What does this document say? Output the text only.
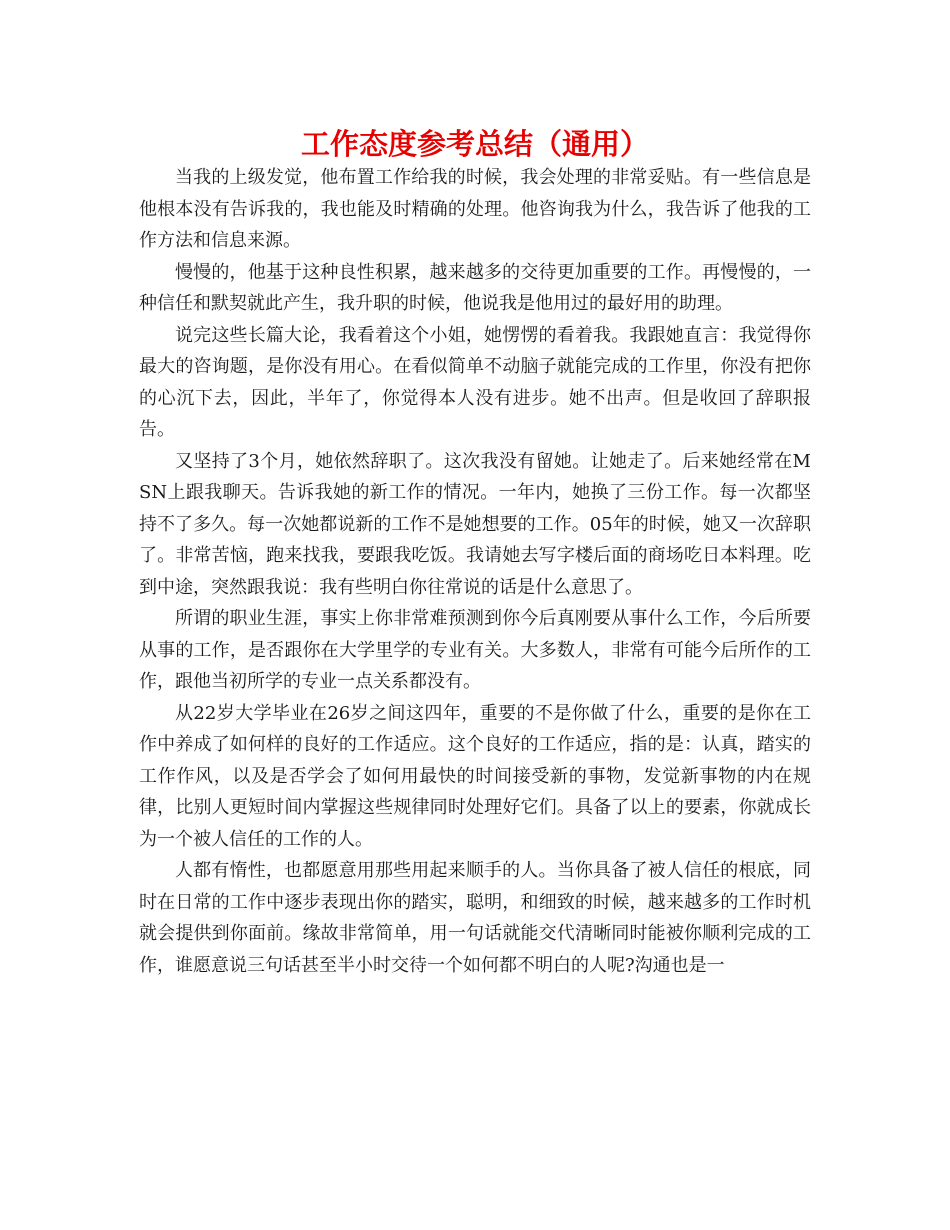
工作态度参考总结（通用）

当我的上级发觉，他布置工作给我的时候，我会处理的非常妥贴。有一些信息是他根本没有告诉我的，我也能及时精确的处理。他咨询我为什么，我告诉了他我的工作方法和信息来源。

慢慢的，他基于这种良性积累，越来越多的交待更加重要的工作。再慢慢的，一种信任和默契就此产生，我升职的时候，他说我是他用过的最好用的助理。

说完这些长篇大论，我看着这个小姐，她愣愣的看着我。我跟她直言：我觉得你最大的咨询题，是你没有用心。在看似简单不动脑子就能完成的工作里，你没有把你的心沉下去，因此，半年了，你觉得本人没有进步。她不出声。但是收回了辞职报告。

又坚持了3个月，她依然辞职了。这次我没有留她。让她走了。后来她经常在MSN上跟我聊天。告诉我她的新工作的情况。一年内，她换了三份工作。每一次都坚持不了多久。每一次她都说新的工作不是她想要的工作。05年的时候，她又一次辞职了。非常苦恼，跑来找我，要跟我吃饭。我请她去写字楼后面的商场吃日本料理。吃到中途，突然跟我说：我有些明白你往常说的话是什么意思了。

所谓的职业生涯，事实上你非常难预测到你今后真刚要从事什么工作，今后所要从事的工作，是否跟你在大学里学的专业有关。大多数人，非常有可能今后所作的工作，跟他当初所学的专业一点关系都没有。

从22岁大学毕业在26岁之间这四年，重要的不是你做了什么，重要的是你在工作中养成了如何样的良好的工作适应。这个良好的工作适应，指的是：认真，踏实的工作作风，以及是否学会了如何用最快的时间接受新的事物，发觉新事物的内在规律，比别人更短时间内掌握这些规律同时处理好它们。具备了以上的要素，你就成长为一个被人信任的工作的人。

人都有惰性，也都愿意用那些用起来顺手的人。当你具备了被人信任的根底，同时在日常的工作中逐步表现出你的踏实，聪明，和细致的时候，越来越多的工作时机就会提供到你面前。缘故非常简单，用一句话就能交代清晰同时能被你顺利完成的工作，谁愿意说三句话甚至半小时交待一个如何都不明白的人呢?沟通也是一
